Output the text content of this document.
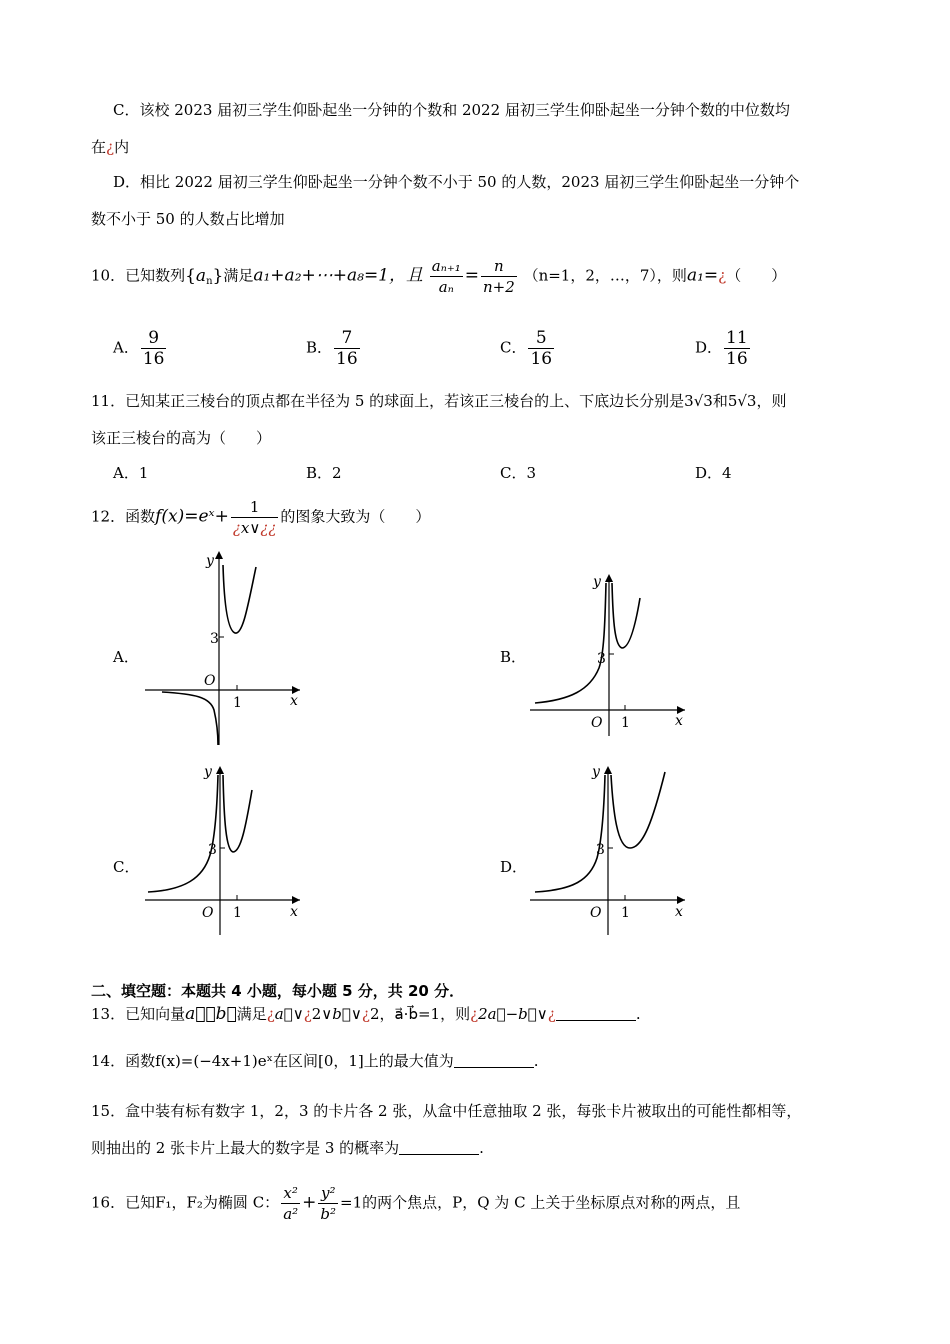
C．该校 2023 届初三学生仰卧起坐一分钟的个数和 2022 届初三学生仰卧起坐一分钟个数的中位数均
在¿内
D．相比 2022 届初三学生仰卧起坐一分钟个数不小于 50 的人数，2023 届初三学生仰卧起坐一分钟个
数不小于 50 的人数占比增加
10．已知数列$\{a_n\}$满足a₁+a₂+⋯+a₈=1，且 $\frac{\text{aₙ₊₁}}{\text{aₙ}} = \frac{n}{n+2} (n=1$，2，…，7），则a₁=¿（　　）
A． $\frac{9}{16}$	B． $\frac{7}{16}$	C． $\frac{5}{16}$	D． $\frac{11}{16}$
11．已知某正三棱台的顶点都在半径为 5 的球面上，若该正三棱台的上、下底边长分别是3√3和5√3，则
该正三棱台的高为（　　）
A．1	B．2	C．3	D．4
12．函数f(x)=eˣ+ $\frac{1}{¿x\vee¿¿}$ 的图象大致为（　　）
A．	B．
C．	D．
y
x
O
3
1
y
x
O
3
1
y
x
O
3
1
y
x
O
3
1
二、填空题：本题共 4 小题，每小题 5 分，共 20 分．
13．已知向量a⃗，b⃗满足¿a⃗∨¿2∨b⃗∨¿2，a⃗·b⃗=1，则¿2a⃗−b⃗∨¿	.
14．函数f(x)=(−4x+1)eˣ在区间[0，1]上的最大值为	.
15．盒中装有标有数字 1，2，3 的卡片各 2 张，从盒中任意抽取 2 张，每张卡片被取出的可能性都相等，
则抽出的 2 张卡片上最大的数字是 3 的概率为	.
16．已知F₁，F₂为椭圆 C： $\frac{\text{x²}}{\text{a²}} + \frac{\text{y²}}{\text{b²}} =1$的两个焦点，P，Q 为 C 上关于坐标原点对称的两点，且
